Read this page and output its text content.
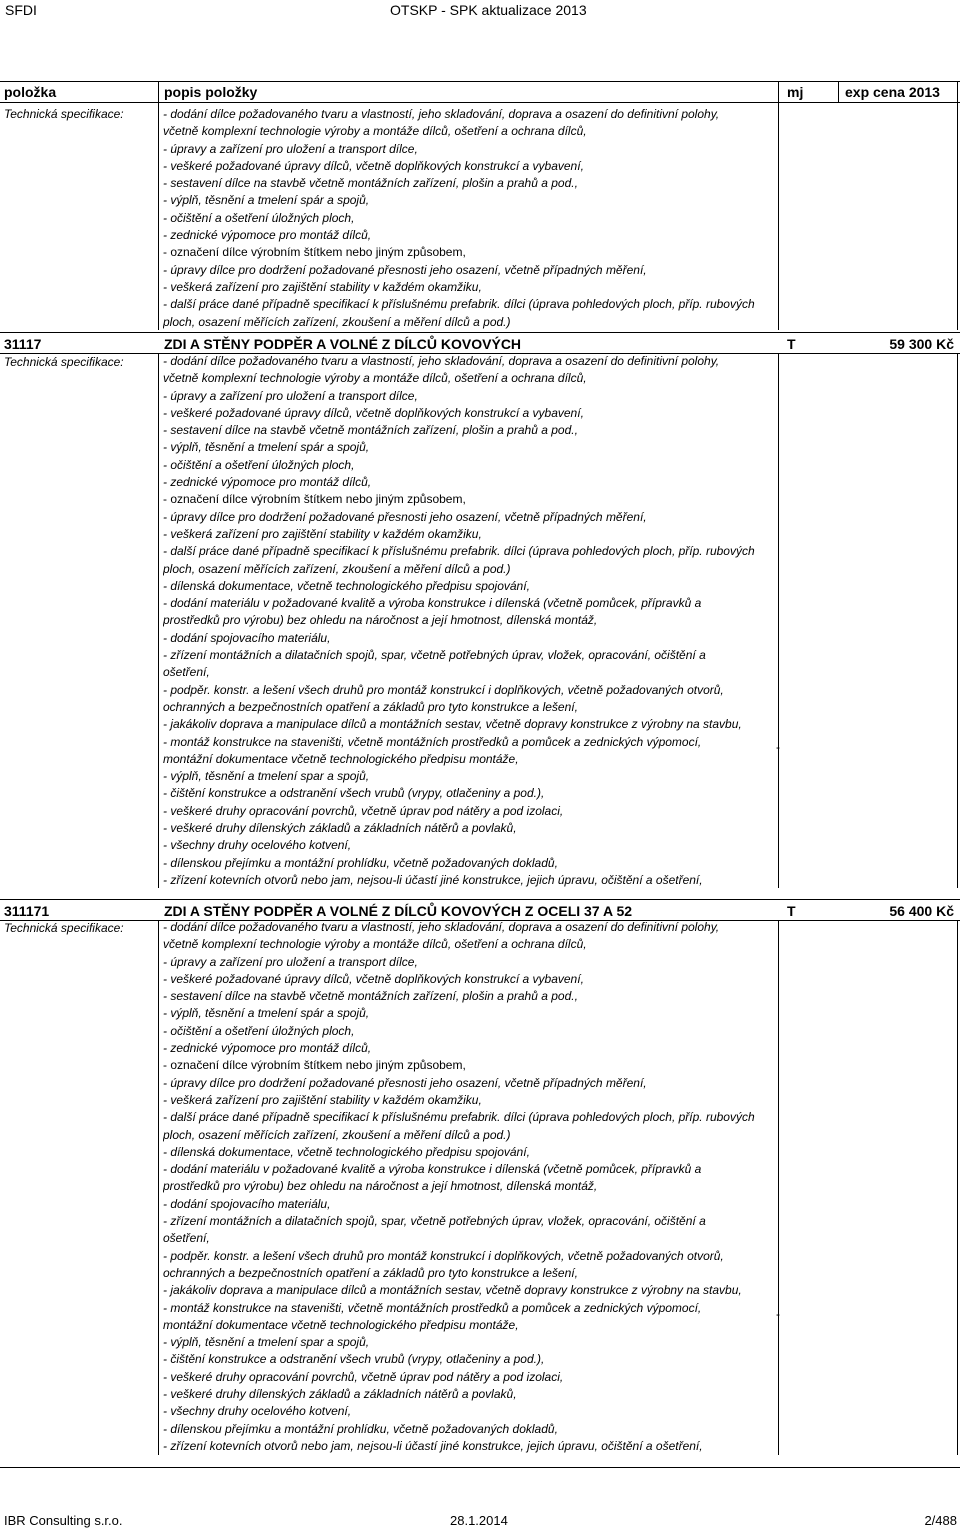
SFDI	OTSKP - SPK aktualizace 2013
položka	popis položky	mj	exp cena 2013
Technická specifikace:	- dodání dílce požadovaného tvaru a vlastností, jeho skladování, doprava a osazení do definitivní polohy,
včetně komplexní technologie výroby a montáže dílců, ošetření a ochrana dílců,
- úpravy a zařízení pro uložení a transport dílce,
- veškeré požadované úpravy dílců, včetně doplňkových konstrukcí a vybavení,
- sestavení dílce na stavbě včetně montážních zařízení, plošin a prahů a pod.,
- výplň, těsnění a tmelení spár a spojů,
- očištění a ošetření úložných ploch,
- zednické výpomoce pro montáž dílců,
- označení dílce výrobním štítkem nebo jiným způsobem,
- úpravy dílce pro dodržení požadované přesnosti jeho osazení, včetně případných měření,
- veškerá zařízení pro zajištění stability v každém okamžiku,
- další práce dané případně specifikací k příslušnému prefabrik. dílci (úprava pohledových ploch, příp. rubových
ploch, osazení měřících zařízení, zkoušení a měření dílců a pod.)
31117	ZDI A STĚNY PODPĚR A VOLNÉ Z DÍLCŮ KOVOVÝCH	T	59 300 Kč
Technická specifikace:	- dodání dílce požadovaného tvaru a vlastností, jeho skladování, doprava a osazení do definitivní polohy,
včetně komplexní technologie výroby a montáže dílců, ošetření a ochrana dílců,
- úpravy a zařízení pro uložení a transport dílce,
- veškeré požadované úpravy dílců, včetně doplňkových konstrukcí a vybavení,
- sestavení dílce na stavbě včetně montážních zařízení, plošin a prahů a pod.,
- výplň, těsnění a tmelení spár a spojů,
- očištění a ošetření úložných ploch,
- zednické výpomoce pro montáž dílců,
- označení dílce výrobním štítkem nebo jiným způsobem,
- úpravy dílce pro dodržení požadované přesnosti jeho osazení, včetně případných měření,
- veškerá zařízení pro zajištění stability v každém okamžiku,
- další práce dané případně specifikací k příslušnému prefabrik. dílci (úprava pohledových ploch, příp. rubových
ploch, osazení měřících zařízení, zkoušení a měření dílců a pod.)
- dílenská dokumentace, včetně technologického předpisu spojování,
- dodání materiálu v požadované kvalitě a výroba konstrukce i dílenská (včetně pomůcek, přípravků a
prostředků pro výrobu) bez ohledu na náročnost a její hmotnost, dílenská montáž,
- dodání spojovacího materiálu,
- zřízení montážních a dilatačních spojů, spar, včetně potřebných úprav, vložek, opracování, očištění a
ošetření,
- podpěr. konstr. a lešení všech druhů pro montáž konstrukcí i doplňkových, včetně požadovaných otvorů,
ochranných a bezpečnostních opatření a základů pro tyto konstrukce a lešení,
- jakákoliv doprava a manipulace dílců a montážních sestav, včetně dopravy konstrukce z výrobny na stavbu,
- montáž konstrukce na staveništi, včetně montážních prostředků a pomůcek a zednických výpomocí,
montážní dokumentace včetně technologického předpisu montáže,
- výplň, těsnění a tmelení spar a spojů,
- čištění konstrukce a odstranění všech vrubů (vrypy, otlačeniny a pod.),
- veškeré druhy opracování povrchů, včetně úprav pod nátěry a pod izolaci,
- veškeré druhy dílenských základů a základních nátěrů a povlaků,
- všechny druhy ocelového kotvení,
- dílenskou přejímku a montážní prohlídku, včetně požadovaných dokladů,
- zřízení kotevních otvorů nebo jam, nejsou-li účastí jiné konstrukce, jejich úpravu, očištění a ošetření,
-
311171	ZDI A STĚNY PODPĚR A VOLNÉ Z DÍLCŮ KOVOVÝCH Z OCELI 37 A 52	T	56 400 Kč
Technická specifikace:	- dodání dílce požadovaného tvaru a vlastností, jeho skladování, doprava a osazení do definitivní polohy,
včetně komplexní technologie výroby a montáže dílců, ošetření a ochrana dílců,
- úpravy a zařízení pro uložení a transport dílce,
- veškeré požadované úpravy dílců, včetně doplňkových konstrukcí a vybavení,
- sestavení dílce na stavbě včetně montážních zařízení, plošin a prahů a pod.,
- výplň, těsnění a tmelení spár a spojů,
- očištění a ošetření úložných ploch,
- zednické výpomoce pro montáž dílců,
- označení dílce výrobním štítkem nebo jiným způsobem,
- úpravy dílce pro dodržení požadované přesnosti jeho osazení, včetně případných měření,
- veškerá zařízení pro zajištění stability v každém okamžiku,
- další práce dané případně specifikací k příslušnému prefabrik. dílci (úprava pohledových ploch, příp. rubových
ploch, osazení měřících zařízení, zkoušení a měření dílců a pod.)
- dílenská dokumentace, včetně technologického předpisu spojování,
- dodání materiálu v požadované kvalitě a výroba konstrukce i dílenská (včetně pomůcek, přípravků a
prostředků pro výrobu) bez ohledu na náročnost a její hmotnost, dílenská montáž,
- dodání spojovacího materiálu,
- zřízení montážních a dilatačních spojů, spar, včetně potřebných úprav, vložek, opracování, očištění a
ošetření,
- podpěr. konstr. a lešení všech druhů pro montáž konstrukcí i doplňkových, včetně požadovaných otvorů,
ochranných a bezpečnostních opatření a základů pro tyto konstrukce a lešení,
- jakákoliv doprava a manipulace dílců a montážních sestav, včetně dopravy konstrukce z výrobny na stavbu,
- montáž konstrukce na staveništi, včetně montážních prostředků a pomůcek a zednických výpomocí,
montážní dokumentace včetně technologického předpisu montáže,
- výplň, těsnění a tmelení spar a spojů,
- čištění konstrukce a odstranění všech vrubů (vrypy, otlačeniny a pod.),
- veškeré druhy opracování povrchů, včetně úprav pod nátěry a pod izolaci,
- veškeré druhy dílenských základů a základních nátěrů a povlaků,
- všechny druhy ocelového kotvení,
- dílenskou přejímku a montážní prohlídku, včetně požadovaných dokladů,
- zřízení kotevních otvorů nebo jam, nejsou-li účastí jiné konstrukce, jejich úpravu, očištění a ošetření,
-
IBR Consulting s.r.o.	28.1.2014	2/488
